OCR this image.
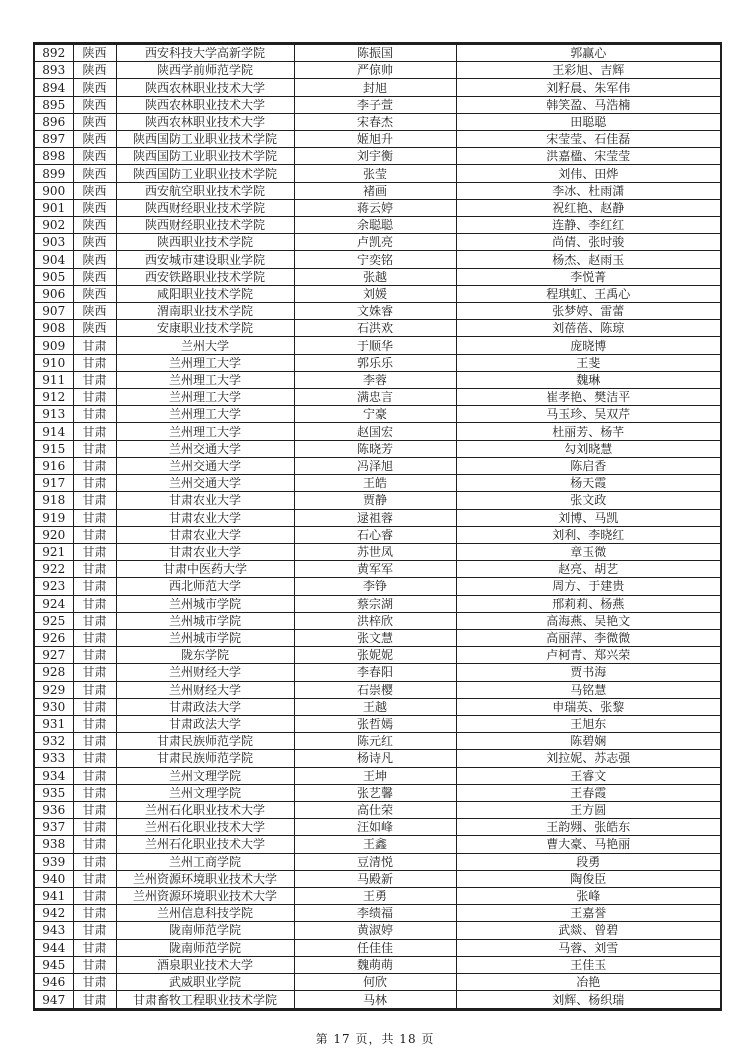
892	陕西	西安科技大学高新学院	陈振国	郭赢心
893	陕西	陕西学前师范学院	严倞帅	王彩旭、吉辉
894	陕西	陕西农林职业技术大学	封旭	刘籽晨、朱军伟
895	陕西	陕西农林职业技术大学	李子萱	韩笑盈、马浩楠
896	陕西	陕西农林职业技术大学	宋春杰	田聪聪
897	陕西	陕西国防工业职业技术学院	姬旭升	宋莹莹、石佳磊
898	陕西	陕西国防工业职业技术学院	刘宇衡	洪嘉楹、宋莹莹
899	陕西	陕西国防工业职业技术学院	张莹	刘伟、田烨
900	陕西	西安航空职业技术学院	褚画	李冰、杜雨潇
901	陕西	陕西财经职业技术学院	蒋云婷	祝红艳、赵静
902	陕西	陕西财经职业技术学院	余聪聪	连静、李红红
903	陕西	陕西职业技术学院	卢凯亮	尚倩、张时骏
904	陕西	西安城市建设职业学院	宁奕铭	杨杰、赵雨玉
905	陕西	西安铁路职业技术学院	张越	李悦菁
906	陕西	咸阳职业技术学院	刘媛	程琪虹、王禹心
907	陕西	渭南职业技术学院	文姝睿	张梦婷、雷蕾
908	陕西	安康职业技术学院	石洪欢	刘蓓蓓、陈琼
909	甘肃	兰州大学	于顺华	庞晓博
910	甘肃	兰州理工大学	郭乐乐	王斐
911	甘肃	兰州理工大学	李蓉	魏琳
912	甘肃	兰州理工大学	满忠言	崔孝艳、樊洁平
913	甘肃	兰州理工大学	宁豪	马玉珍、吴双芹
914	甘肃	兰州理工大学	赵国宏	杜丽芳、杨芊
915	甘肃	兰州交通大学	陈晓芳	勾刘晓慧
916	甘肃	兰州交通大学	冯泽旭	陈启香
917	甘肃	兰州交通大学	王皓	杨天霞
918	甘肃	甘肃农业大学	贾静	张文政
919	甘肃	甘肃农业大学	逯祖蓉	刘博、马凯
920	甘肃	甘肃农业大学	石心睿	刘利、李晓红
921	甘肃	甘肃农业大学	苏世凤	章玉微
922	甘肃	甘肃中医药大学	黄军军	赵亮、胡艺
923	甘肃	西北师范大学	李铮	周方、于建贵
924	甘肃	兰州城市学院	蔡宗湖	邢莉莉、杨燕
925	甘肃	兰州城市学院	洪梓欣	高海燕、吴艳文
926	甘肃	兰州城市学院	张文慧	高丽萍、李微微
927	甘肃	陇东学院	张妮妮	卢柯青、郑兴荣
928	甘肃	兰州财经大学	李春阳	贾书海
929	甘肃	兰州财经大学	石崇樱	马铭慧
930	甘肃	甘肃政法大学	王越	申瑞英、张黎
931	甘肃	甘肃政法大学	张哲嫣	王旭东
932	甘肃	甘肃民族师范学院	陈元红	陈碧娴
933	甘肃	甘肃民族师范学院	杨诗凡	刘拉妮、苏志强
934	甘肃	兰州文理学院	王坤	王睿文
935	甘肃	兰州文理学院	张艺馨	王春霞
936	甘肃	兰州石化职业技术大学	高仕荣	王方圆
937	甘肃	兰州石化职业技术大学	汪如峰	王韵翙、张皓东
938	甘肃	兰州石化职业技术大学	王鑫	曹大豪、马艳丽
939	甘肃	兰州工商学院	豆清悦	段勇
940	甘肃	兰州资源环境职业技术大学	马殿新	陶俊臣
941	甘肃	兰州资源环境职业技术大学	王勇	张峰
942	甘肃	兰州信息科技学院	李绩福	王嘉誉
943	甘肃	陇南师范学院	黄淑婷	武燚、曾碧
944	甘肃	陇南师范学院	任佳佳	马蓉、刘雪
945	甘肃	酒泉职业技术大学	魏萌萌	王佳玉
946	甘肃	武威职业学院	何欣	冶艳
947	甘肃	甘肃畜牧工程职业技术学院	马林	刘辉、杨织瑞
第 17 页，共 18 页
